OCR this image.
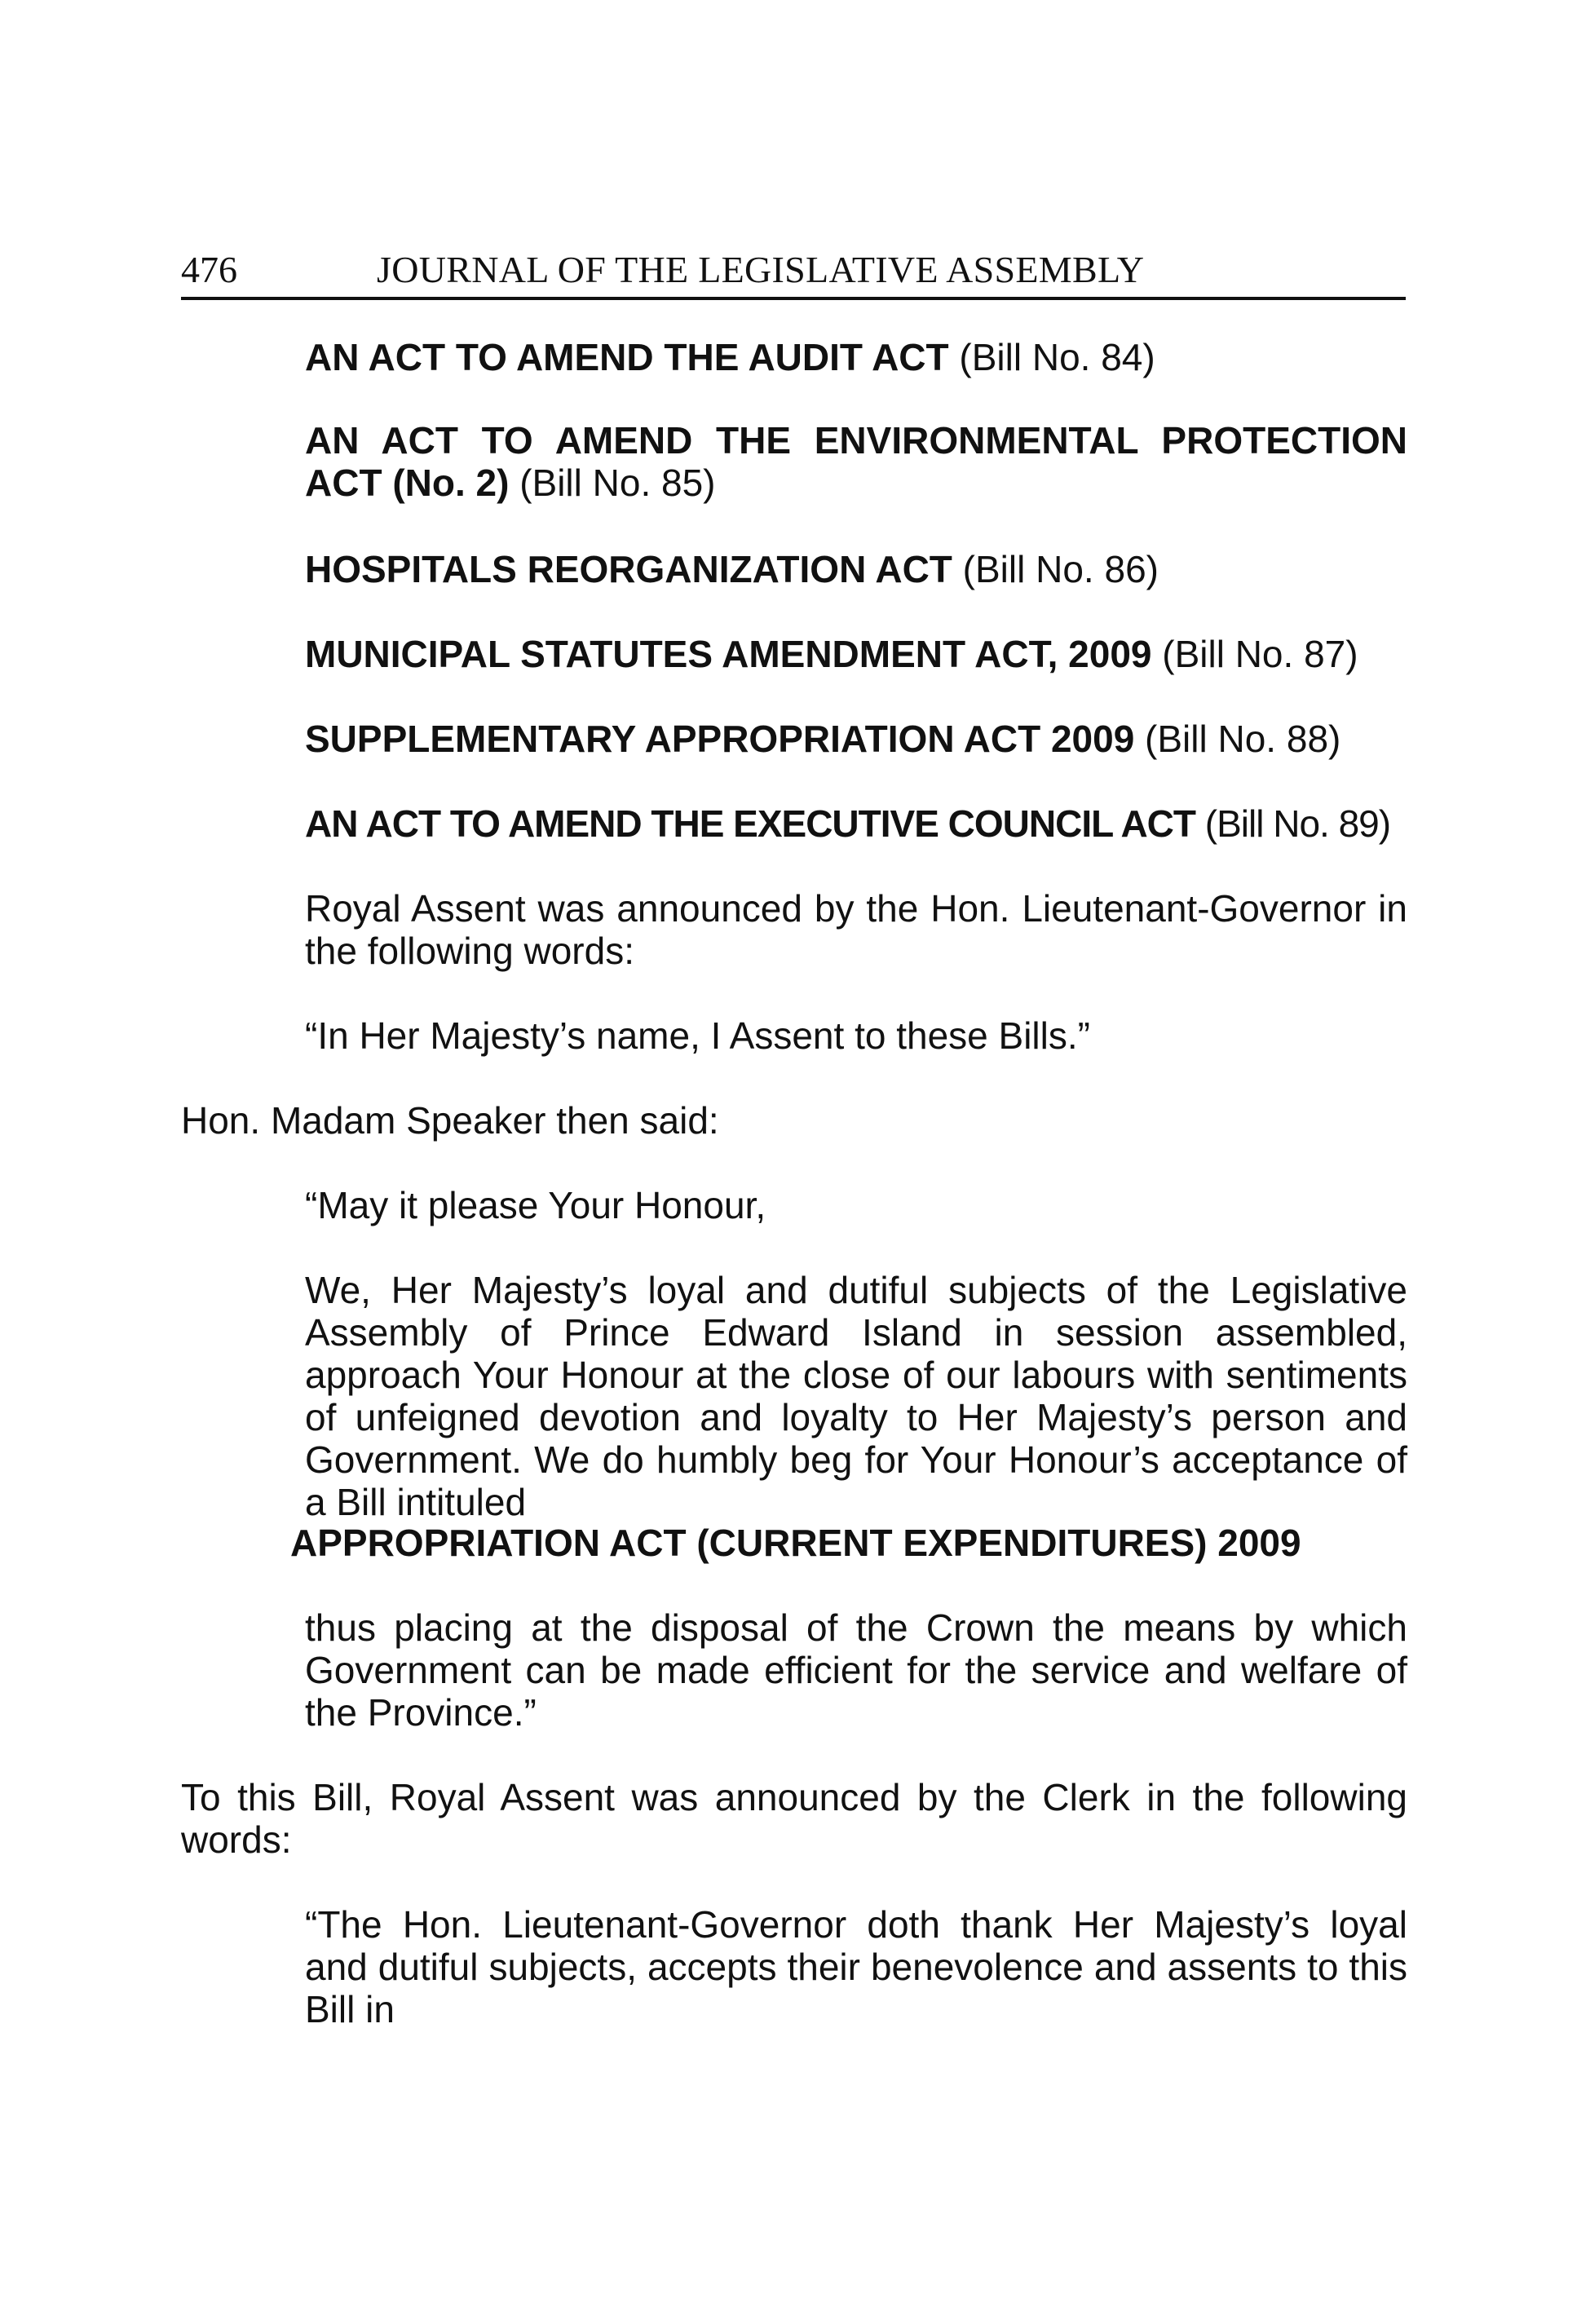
476	JOURNAL OF THE LEGISLATIVE ASSEMBLY

AN ACT TO AMEND THE AUDIT ACT (Bill No. 84)

AN ACT TO AMEND THE ENVIRONMENTAL PROTECTION ACT (No. 2) (Bill No. 85)

HOSPITALS REORGANIZATION ACT (Bill No. 86)

MUNICIPAL STATUTES AMENDMENT ACT, 2009 (Bill No. 87)

SUPPLEMENTARY APPROPRIATION ACT 2009 (Bill No. 88)

AN ACT TO AMEND THE EXECUTIVE COUNCIL ACT (Bill No. 89)

Royal Assent was announced by the Hon. Lieutenant-Governor in the following words:

“In Her Majesty’s name, I Assent to these Bills.”

Hon. Madam Speaker then said:

“May it please Your Honour,

We, Her Majesty’s loyal and dutiful subjects of the Legislative Assembly of Prince Edward Island in session assembled, approach Your Honour at the close of our labours with sentiments of unfeigned devotion and loyalty to Her Majesty’s person and Government. We do humbly beg for Your Honour’s acceptance of a Bill intituled

APPROPRIATION ACT (CURRENT EXPENDITURES) 2009

thus placing at the disposal of the Crown the means by which Government can be made efficient for the service and welfare of the Province.”

To this Bill, Royal Assent was announced by the Clerk in the following words:

“The Hon. Lieutenant-Governor doth thank Her Majesty’s loyal and dutiful subjects, accepts their benevolence and assents to this Bill in
